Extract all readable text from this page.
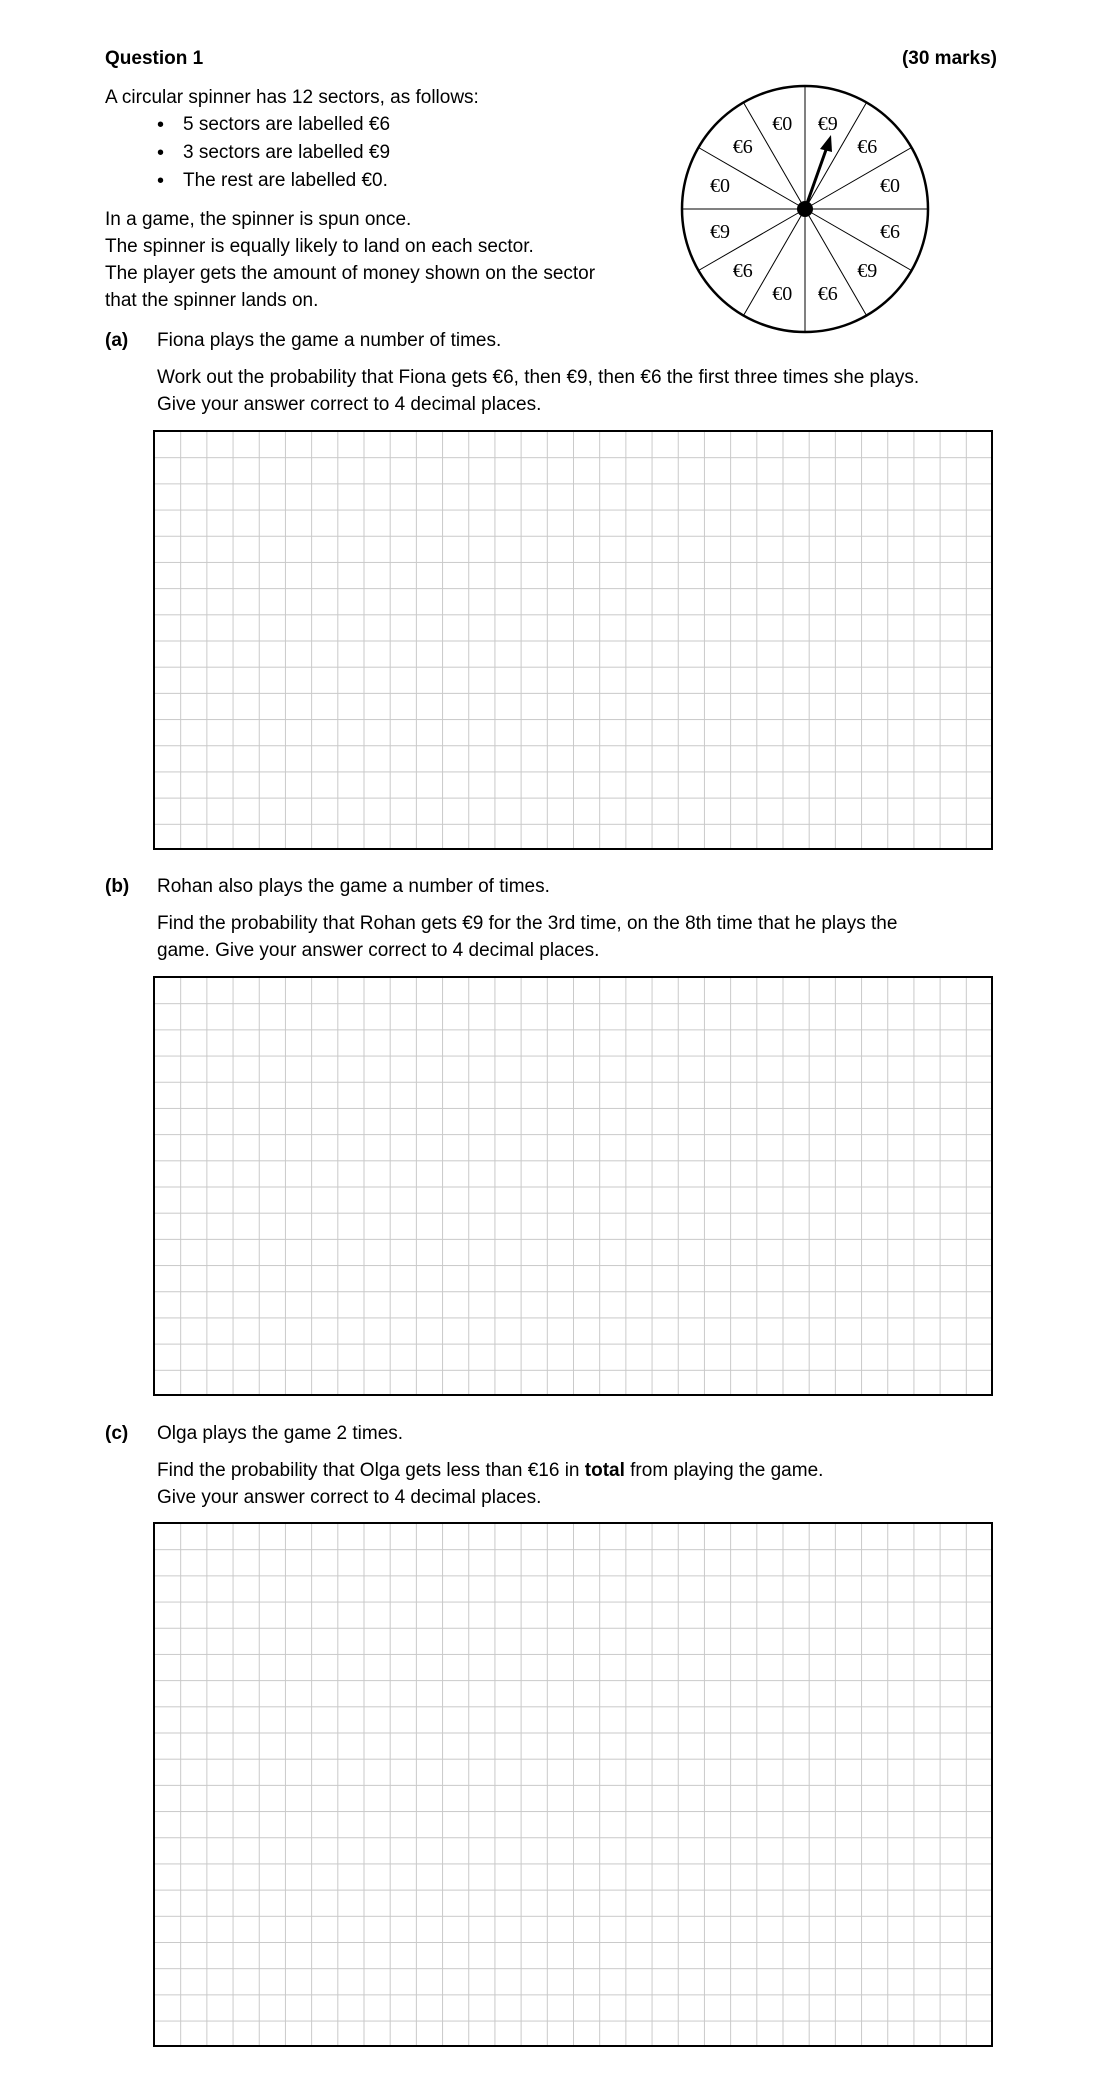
Question 1	(30 marks)
A circular spinner has 12 sectors, as follows:
• 5 sectors are labelled €6
• 3 sectors are labelled €9
• The rest are labelled €0.
In a game, the spinner is spun once.
The spinner is equally likely to land on each sector.
The player gets the amount of money shown on the sector
that the spinner lands on.
€9
€6
€0
€6
€9
€6
€0
€6
€9
€0
€6
€0
(a) Fiona plays the game a number of times.
Work out the probability that Fiona gets €6, then €9, then €6 the first three times she plays.
Give your answer correct to 4 decimal places.
(b) Rohan also plays the game a number of times.
Find the probability that Rohan gets €9 for the 3rd time, on the 8th time that he plays the
game. Give your answer correct to 4 decimal places.
(c) Olga plays the game 2 times.
Find the probability that Olga gets less than €16 in total from playing the game.
Give your answer correct to 4 decimal places.
